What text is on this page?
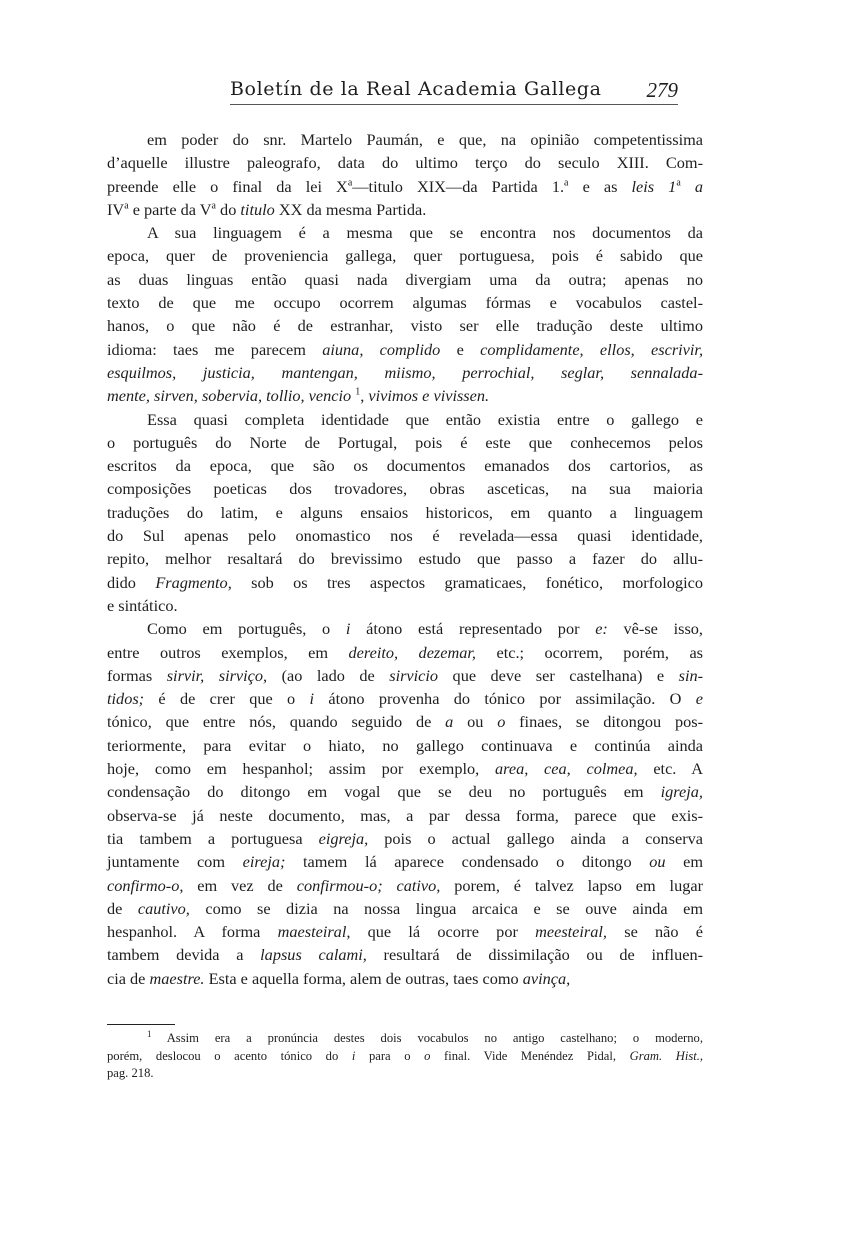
Boletín de la Real Academia Gallega 279
em poder do snr. Martelo Paumán, e que, na opinião competentissima
d’aquelle illustre paleografo, data do ultimo terço do seculo XIII. Com-
preende elle o final da lei $X^a—titulo$ XIX—da Partida 1.$^a$ e as leis 1$^a$ a
$IV^a$ e parte da $V^a$ do titulo XX da mesma Partida.
A sua linguagem é a mesma que se encontra nos documentos da
epoca, quer de proveniencia gallega, quer portuguesa, pois é sabido que
as duas linguas então quasi nada divergiam uma da outra; apenas no
texto de que me occupo ocorrem algumas fórmas e vocabulos castel-
hanos, o que não é de estranhar, visto ser elle tradução deste ultimo
idioma: taes me parecem aiuna, complido e complidamente, ellos, escrivir,
esquilmos, justicia, mantengan, miismo, perrochial, seglar, sennalada-
mente, sirven, sobervia, tollio, vencio $^1$, vivimos e vivissen.
Essa quasi completa identidade que então existia entre o gallego e
o português do Norte de Portugal, pois é este que conhecemos pelos
escritos da epoca, que são os documentos emanados dos cartorios, as
composições poeticas dos trovadores, obras asceticas, na sua maioria
traduções do latim, e alguns ensaios historicos, em quanto a linguagem
do Sul apenas pelo onomastico nos é revelada—essa quasi identidade,
repito, melhor resaltará do brevissimo estudo que passo a fazer do allu-
dido Fragmento, sob os tres aspectos gramaticaes, fonético, morfologico
e sintático.
Como em português, o i átono está representado por e: vê-se isso,
entre outros exemplos, em dereito, dezemar, etc.; ocorrem, porém, as
formas sirvir, sirviço, (ao lado de sirvicio que deve ser castelhana) e sin-
tidos; é de crer que o i átono provenha do tónico por assimilação. O e
tónico, que entre nós, quando seguido de a ou o finaes, se ditongou pos-
teriormente, para evitar o hiato, no gallego continuava e continúa ainda
hoje, como em hespanhol; assim por exemplo, area, cea, colmea, etc. A
condensação do ditongo em vogal que se deu no português em igreja,
observa-se já neste documento, mas, a par dessa forma, parece que exis-
tia tambem a portuguesa eigreja, pois o actual gallego ainda a conserva
juntamente com eireja; tamem lá aparece condensado o ditongo ou em
confirmo-o, em vez de confirmou-o; cativo, porem, é talvez lapso em lugar
de cautivo, como se dizia na nossa lingua arcaica e se ouve ainda em
hespanhol. A forma maesteiral, que lá ocorre por meesteiral, se não é
tambem devida a lapsus calami, resultará de dissimilação ou de influen-
cia de maestre. Esta e aquella forma, alem de outras, taes como avinça,
$^1$ Assim era a pronúncia destes dois vocabulos no antigo castelhano; o moderno,
porém, deslocou o acento tónico do i para o o final. Vide Menéndez Pidal, Gram. Hist.,
pag. 218.
